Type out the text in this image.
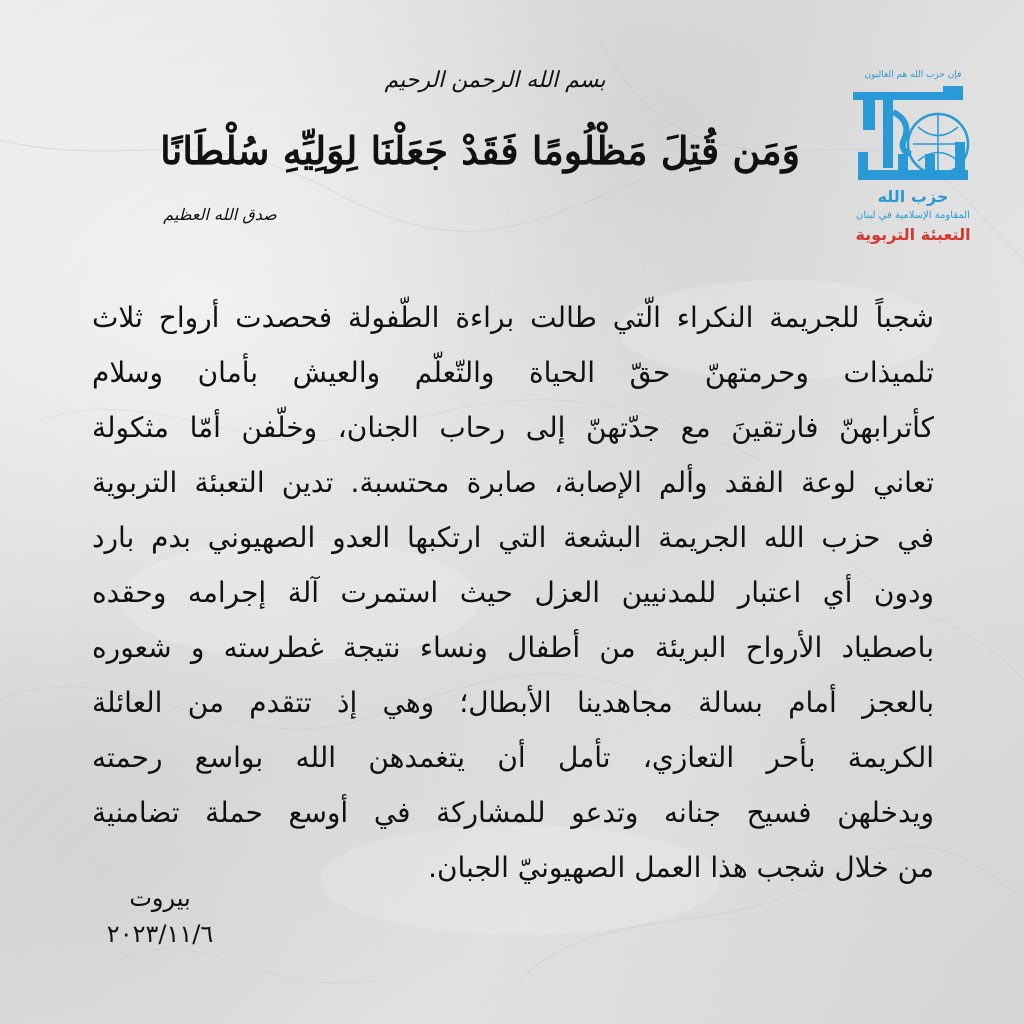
بسم الله الرحمن الرحيم
وَمَن قُتِلَ مَظْلُومًا فَقَدْ جَعَلْنَا لِوَلِيِّهِ سُلْطَانًا
صدق الله العظيم
فإن حزب الله هم الغالبون
حزب الله
المقاومة الإسلامية في لبنان
التعبئة التربوية
شجباً للجريمة النكراء الّتي طالت براءة الطّفولة فحصدت أرواح ثلاث
تلميذات وحرمتهنّ حقّ الحياة والتّعلّم والعيش بأمان وسلام
كأترابهنّ فارتقينَ مع جدّتهنّ إلى رحاب الجنان، وخلّفن أمّا مثكولة
تعاني لوعة الفقد وألم الإصابة، صابرة محتسبة. تدين التعبئة التربوية
في حزب الله الجريمة البشعة التي ارتكبها العدو الصهيوني بدم بارد
ودون أي اعتبار للمدنيين العزل حيث استمرت آلة إجرامه وحقده
باصطياد الأرواح البريئة من أطفال ونساء نتيجة غطرسته و شعوره
بالعجز أمام بسالة مجاهدينا الأبطال؛ وهي إذ تتقدم من العائلة
الكريمة بأحر التعازي، تأمل أن يتغمدهن الله بواسع رحمته
ويدخلهن فسيح جنانه وتدعو للمشاركة في أوسع حملة تضامنية
من خلال شجب هذا العمل الصهيونيّ الجبان.
بيروت
٢٠٢٣/١١/٦
